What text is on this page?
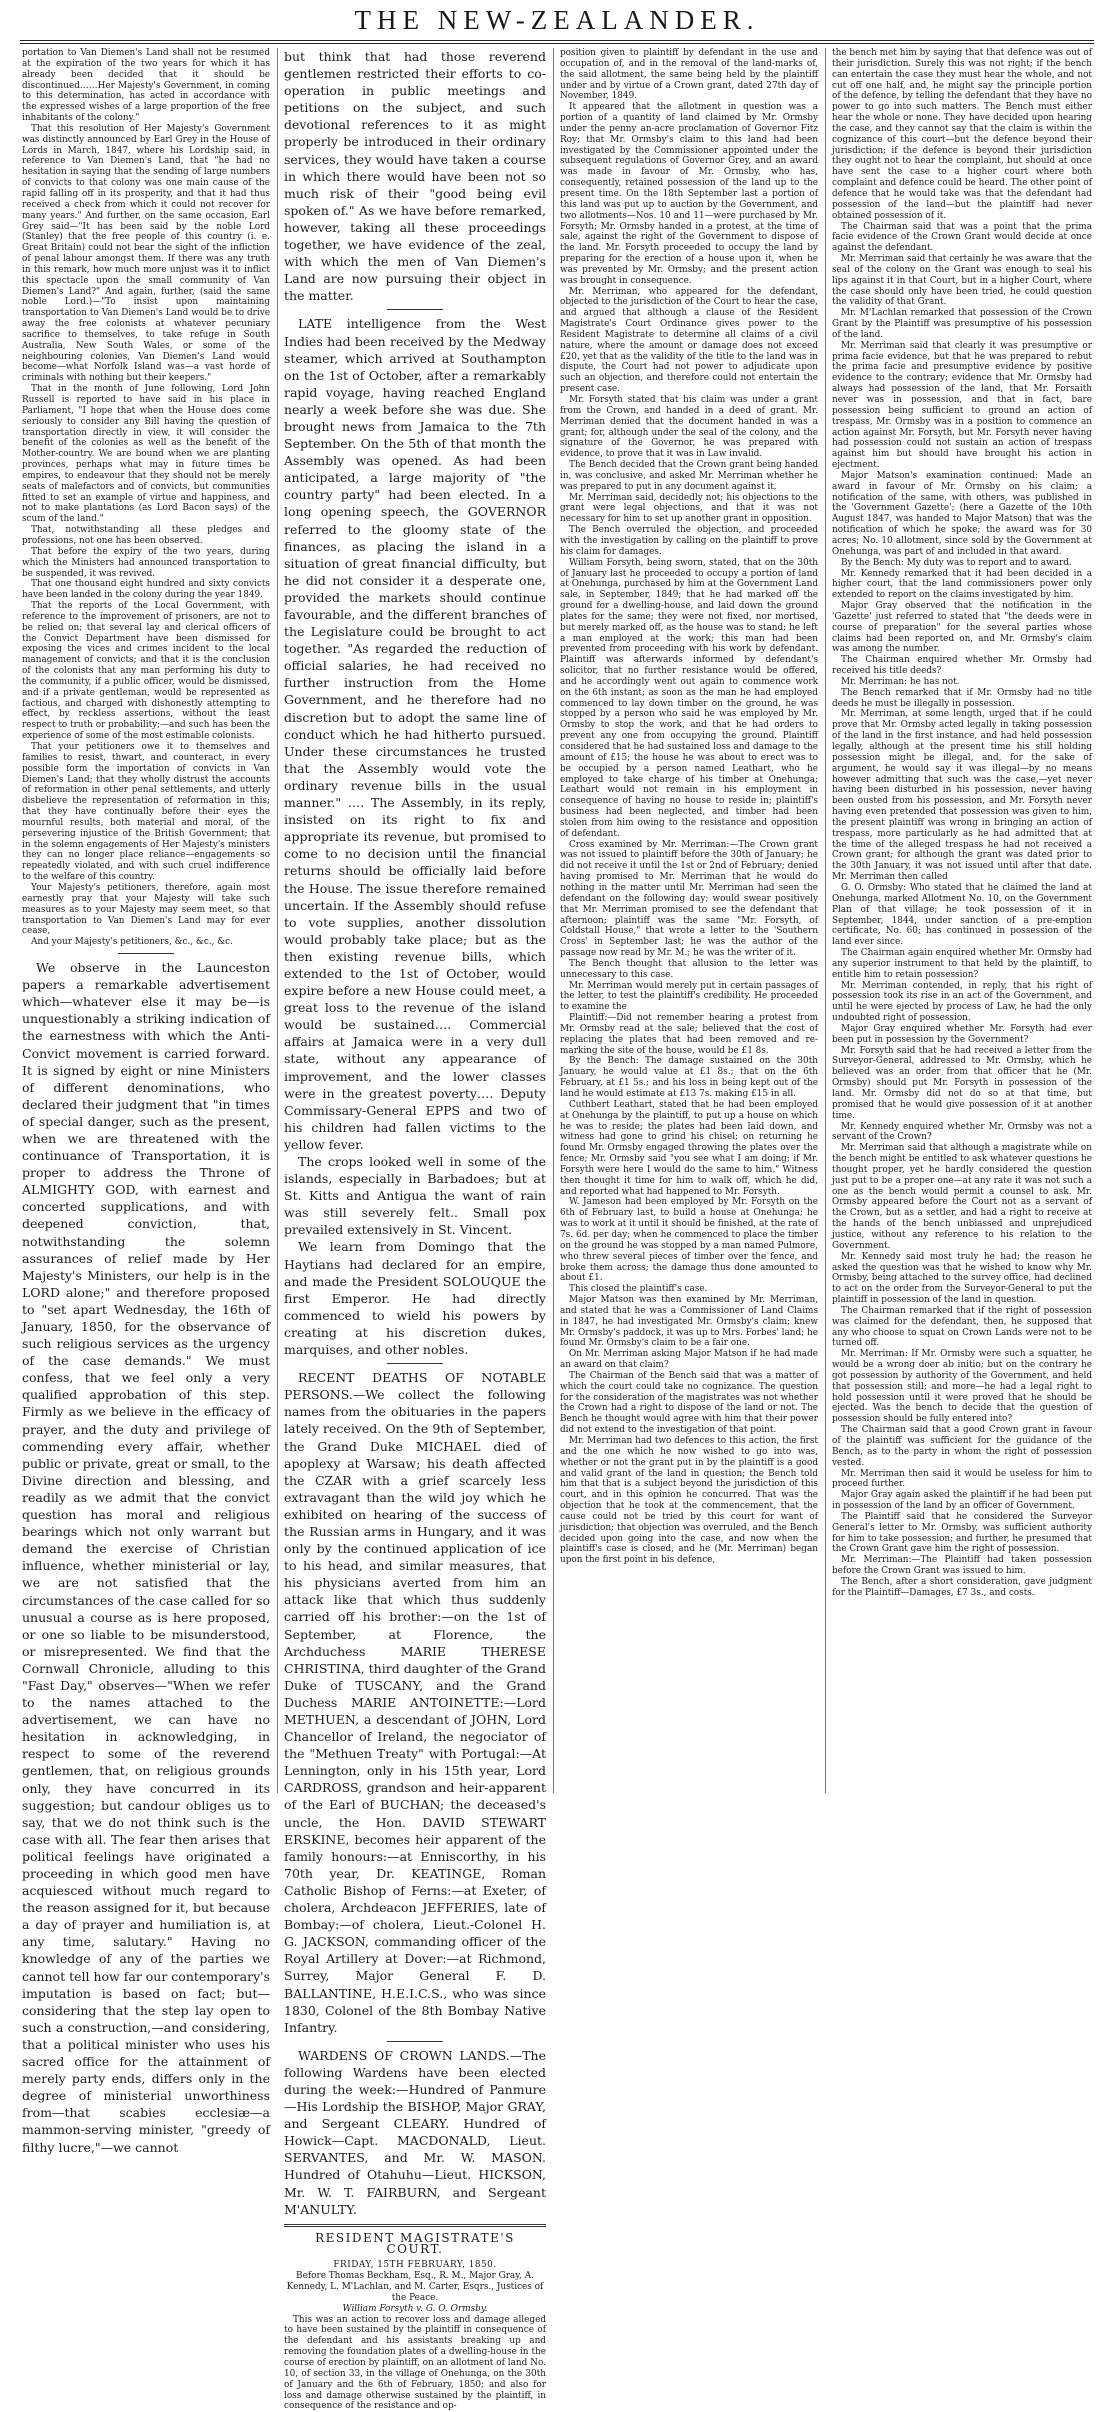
THE NEW-ZEALANDER.

portation to Van Diemen's Land shall not be resumed at the expiration of the two years for which it has already been decided that it should be discontinued……Her Majesty's Government, in coming to this determination, has acted in accordance with the expressed wishes of a large proportion of the free inhabitants of the colony."

That this resolution of Her Majesty's Government was distinctly announced by Earl Grey in the House of Lords in March, 1847, where his Lordship said, in reference to Van Diemen's Land, that "he had no hesitation in saying that the sending of large numbers of convicts to that colony was one main cause of the rapid falling off in its prosperity, and that it had thus received a check from which it could not recover for many years." And further, on the same occasion, Earl Grey said—"It has been said by the noble Lord (Stanley) that the free people of this country (i. e. Great Britain) could not bear the sight of the infliction of penal labour amongst them. If there was any truth in this remark, how much more unjust was it to inflict this spectacle upon the small community of Van Diemen's Land?" And again, further, (said the same noble Lord.)—"To insist upon maintaining transportation to Van Diemen's Land would be to drive away the free colonists at whatever pecuniary sacrifice to themselves, to take refuge in South Australia, New South Wales, or some of the neighbouring colonies, Van Diemen's Land would become—what Norfolk Island was—a vast horde of criminals with nothing but their keepers."

That in the month of June following, Lord John Russell is reported to have said in his place in Parliament, "I hope that when the House does come seriously to consider any Bill having the question of transportation directly in view, it will consider the benefit of the colonies as well as the benefit of the Mother-country. We are bound when we are planting provinces, perhaps what may in future times be empires, to endeavour that they should not be merely seats of malefactors and of convicts, but communities fitted to set an example of virtue and happiness, and not to make plantations (as Lord Bacon says) of the scum of the land."

That, notwithstanding all these pledges and professions, not one has been observed.

That before the expiry of the two years, during which the Ministers had announced transportation to be suspended, it was revived.

That one thousand eight hundred and sixty convicts have been landed in the colony during the year 1849.

That the reports of the Local Government, with reference to the improvement of prisoners, are not to be relied on; that several lay and clerical officers of the Convict Department have been dismissed for exposing the vices and crimes incident to the local management of convicts; and that it is the conclusion of the colonists that any man performing his duty to the community, if a public officer, would be dismissed, and if a private gentleman, would be represented as factious, and charged with dishonestly attempting to effect, by reckless assertions, without the least respect to truth or probability;—and such has been the experience of some of the most estimable colonists.

That your petitioners owe it to themselves and families to resist, thwart, and counteract, in every possible form the importation of convicts in Van Diemen's Land; that they wholly distrust the accounts of reformation in other penal settlements, and utterly disbelieve the representation of reformation in this; that they have continually before their eyes the mournful results, both material and moral, of the persevering injustice of the British Government; that in the solemn engagements of Her Majesty's ministers they can no longer place reliance—engagements so repeatedly violated, and with such cruel indifference to the welfare of this country.

Your Majesty's petitioners, therefore, again most earnestly pray that your Majesty will take such measures as to your Majesty may seem meet, so that transportation to Van Diemen's Land may for ever cease,

And your Majesty's petitioners, &c., &c., &c.

We observe in the Launceston papers a remarkable advertisement which—whatever else it may be—is unquestionably a striking indication of the earnestness with which the Anti-Convict movement is carried forward. It is signed by eight or nine Ministers of different denominations, who declared their judgment that "in times of special danger, such as the present, when we are threatened with the continuance of Transportation, it is proper to address the Throne of ALMIGHTY GOD, with earnest and concerted supplications, and with deepened conviction, that, notwithstanding the solemn assurances of relief made by Her Majesty's Ministers, our help is in the LORD alone;" and therefore proposed to "set apart Wednesday, the 16th of January, 1850, for the observance of such religious services as the urgency of the case demands." We must confess, that we feel only a very qualified approbation of this step. Firmly as we believe in the efficacy of prayer, and the duty and privilege of commending every affair, whether public or private, great or small, to the Divine direction and blessing, and readily as we admit that the convict question has moral and religious bearings which not only warrant but demand the exercise of Christian influence, whether ministerial or lay, we are not satisfied that the circumstances of the case called for so unusual a course as is here proposed, or one so liable to be misunderstood, or misrepresented. We find that the Cornwall Chronicle, alluding to this "Fast Day," observes—"When we refer to the names attached to the advertisement, we can have no hesitation in acknowledging, in respect to some of the reverend gentlemen, that, on religious grounds only, they have concurred in its suggestion; but candour obliges us to say, that we do not think such is the case with all. The fear then arises that political feelings have originated a proceeding in which good men have acquiesced without much regard to the reason assigned for it, but because a day of prayer and humiliation is, at any time, salutary." Having no knowledge of any of the parties we cannot tell how far our contemporary's imputation is based on fact; but—considering that the step lay open to such a construction,—and considering, that a political minister who uses his sacred office for the attainment of merely party ends, differs only in the degree of ministerial unworthiness from—that scabies ecclesiæ—a mammon-serving minister, "greedy of filthy lucre,"—we cannot

but think that had those reverend gentlemen restricted their efforts to co-operation in public meetings and petitions on the subject, and such devotional references to it as might properly be introduced in their ordinary services, they would have taken a course in which there would have been not so much risk of their "good being evil spoken of." As we have before remarked, however, taking all these proceedings together, we have evidence of the zeal, with which the men of Van Diemen's Land are now pursuing their object in the matter.

LATE intelligence from the West Indies had been received by the Medway steamer, which arrived at Southampton on the 1st of October, after a remarkably rapid voyage, having reached England nearly a week before she was due. She brought news from Jamaica to the 7th September. On the 5th of that month the Assembly was opened. As had been anticipated, a large majority of "the country party" had been elected. In a long opening speech, the GOVERNOR referred to the gloomy state of the finances, as placing the island in a situation of great financial difficulty, but he did not consider it a desperate one, provided the markets should continue favourable, and the different branches of the Legislature could be brought to act together. "As regarded the reduction of official salaries, he had received no further instruction from the Home Government, and he therefore had no discretion but to adopt the same line of conduct which he had hitherto pursued. Under these circumstances he trusted that the Assembly would vote the ordinary revenue bills in the usual manner." …. The Assembly, in its reply, insisted on its right to fix and appropriate its revenue, but promised to come to no decision until the financial returns should be officially laid before the House. The issue therefore remained uncertain. If the Assembly should refuse to vote supplies, another dissolution would probably take place; but as the then existing revenue bills, which extended to the 1st of October, would expire before a new House could meet, a great loss to the revenue of the island would be sustained…. Commercial affairs at Jamaica were in a very dull state, without any appearance of improvement, and the lower classes were in the greatest poverty…. Deputy Commissary-General EPPS and two of his children had fallen victims to the yellow fever.

The crops looked well in some of the islands, especially in Barbadoes; but at St. Kitts and Antigua the want of rain was still severely felt.. Small pox prevailed extensively in St. Vincent.

We learn from Domingo that the Haytians had declared for an empire, and made the President SOLOUQUE the first Emperor. He had directly commenced to wield his powers by creating at his discretion dukes, marquises, and other nobles.

RECENT DEATHS OF NOTABLE PERSONS.—We collect the following names from the obituaries in the papers lately received. On the 9th of September, the Grand Duke MICHAEL died of apoplexy at Warsaw; his death affected the CZAR with a grief scarcely less extravagant than the wild joy which he exhibited on hearing of the success of the Russian arms in Hungary, and it was only by the continued application of ice to his head, and similar measures, that his physicians averted from him an attack like that which thus suddenly carried off his brother:—on the 1st of September, at Florence, the Archduchess MARIE THERESE CHRISTINA, third daughter of the Grand Duke of TUSCANY, and the Grand Duchess MARIE ANTOINETTE:—Lord METHUEN, a descendant of JOHN, Lord Chancellor of Ireland, the negociator of the "Methuen Treaty" with Portugal:—At Lennington, only in his 15th year, Lord CARDROSS, grandson and heir-apparent of the Earl of BUCHAN; the deceased's uncle, the Hon. DAVID STEWART ERSKINE, becomes heir apparent of the family honours:—at Enniscorthy, in his 70th year, Dr. KEATINGE, Roman Catholic Bishop of Ferns:—at Exeter, of cholera, Archdeacon JEFFERIES, late of Bombay:—of cholera, Lieut.-Colonel H. G. JACKSON, commanding officer of the Royal Artillery at Dover:—at Richmond, Surrey, Major General F. D. BALLANTINE, H.E.I.C.S., who was since 1830, Colonel of the 8th Bombay Native Infantry.

WARDENS OF CROWN LANDS.—The following Wardens have been elected during the week:—Hundred of Panmure—His Lordship the BISHOP, Major GRAY, and Sergeant CLEARY. Hundred of Howick—Capt. MACDONALD, Lieut. SERVANTES, and Mr. W. MASON. Hundred of Otahuhu—Lieut. HICKSON, Mr. W. T. FAIRBURN, and Sergeant M'ANULTY.

RESIDENT MAGISTRATE'S COURT.

FRIDAY, 15TH FEBRUARY, 1850.

Before Thomas Beckham, Esq., R. M., Major Gray, A. Kennedy, L. M'Lachlan, and M. Carter, Esqrs., Justices of the Peace.

William Forsyth v. G. O. Ormsby.

This was an action to recover loss and damage alleged to have been sustained by the plaintiff in consequence of the defendant and his assistants breaking up and removing the foundation plates of a dwelling-house in the course of erection by plaintiff, on an allotment of land No. 10, of section 33, in the village of Onehunga, on the 30th of January and the 6th of February, 1850; and also for loss and damage otherwise sustained by the plaintiff, in consequence of the resistance and op-

position given to plaintiff by defendant in the use and occupation of, and in the removal of the land-marks of, the said allotment, the same being held by the plaintiff under and by virtue of a Crown grant, dated 27th day of November, 1849.

It appeared that the allotment in question was a portion of a quantity of land claimed by Mr. Ormsby under the penny an-acre proclamation of Governor Fitz Roy; that Mr. Ormsby's claim to this land had been investigated by the Commissioner appointed under the subsequent regulations of Governor Grey, and an award was made in favour of Mr. Ormsby, who has, consequently, retained possession of the land up to the present time. On the 18th September last a portion of this land was put up to auction by the Government, and two allotments—Nos. 10 and 11—were purchased by Mr. Forsyth; Mr. Ormsby handed in a protest, at the time of sale, against the right of the Government to dispose of the land. Mr. Forsyth proceeded to occupy the land by preparing for the erection of a house upon it, when he was prevented by Mr. Ormsby; and the present action was brought in consequence.

Mr. Merriman, who appeared for the defendant, objected to the jurisdiction of the Court to hear the case, and argued that although a clause of the Resident Magistrate's Court Ordinance gives power to the Resident Magistrate to determine all claims of a civil nature, where the amount or damage does not exceed £20, yet that as the validity of the title to the land was in dispute, the Court had not power to adjudicate upon such an objection, and therefore could not entertain the present case.

Mr. Forsyth stated that his claim was under a grant from the Crown, and handed in a deed of grant. Mr. Merriman denied that the document handed in was a grant; for, although under the seal of the colony, and the signature of the Governor, he was prepared with evidence, to prove that it was in Law invalid.

The Bench decided that the Crown grant being handed in, was conclusive, and asked Mr. Merriman whether he was prepared to put in any document against it.

Mr. Merriman said, decidedly not; his objections to the grant were legal objections, and that it was not necessary for him to set up another grant in opposition.

The Bench overruled the objection, and proceeded with the investigation by calling on the plaintiff to prove his claim for damages.

William Forsyth, being sworn, stated, that on the 30th of January last he proceeded to occupy a portion of land at Onehunga, purchased by him at the Government Land sale, in September, 1849; that he had marked off the ground for a dwelling-house, and laid down the ground plates for the same; they were not fixed, nor mortised, but merely marked off, as the house was to stand; he left a man employed at the work; this man had been prevented from proceeding with his work by defendant. Plaintiff was afterwards informed by defendant's solicitor, that no further resistance would be offered, and he accordingly went out again to commence work on the 6th instant; as soon as the man he had employed commenced to lay down timber on the ground, he was stopped by a person who said he was employed by Mr. Ormsby to stop the work, and that he had orders to prevent any one from occupying the ground. Plaintiff considered that he had sustained loss and damage to the amount of £15; the house he was about to erect was to be occupied by a person named Leathart, who he employed to take charge of his timber at Onehunga; Leathart would not remain in his employment in consequence of having no house to reside in; plaintiff's business had been neglected, and timber had been stolen from him owing to the resistance and opposition of defendant.

Cross examined by Mr. Merriman:—The Crown grant was not issued to plaintiff before the 30th of January; he did not receive it until the 1st or 2nd of February; denied having promised to Mr. Merriman that he would do nothing in the matter until Mr. Merriman had seen the defendant on the following day; would swear positively that Mr. Merriman promised to see the defendant that afternoon; plaintiff was the same "Mr. Forsyth, of Coldstall House," that wrote a letter to the 'Southern Cross' in September last; he was the author of the passage now read by Mr. M.; he was the writer of it.

The Bench thought that allusion to the letter was unnecessary to this case.

Mr. Merriman would merely put in certain passages of the letter, to test the plaintiff's credibility. He proceeded to examine the

Plaintiff:—Did not remember hearing a protest from Mr. Ormsby read at the sale; believed that the cost of replacing the plates that had been removed and re-marking the site of the house, would be £1 8s.

By the Bench: The damage sustained on the 30th January, he would value at £1 8s.; that on the 6th February, at £1 5s.; and his loss in being kept out of the land he would estimate at £13 7s. making £15 in all.

Cuthbert Leathart, stated that he had been employed at Onehunga by the plaintiff, to put up a house on which he was to reside; the plates had been laid down, and witness had gone to grind his chisel; on returning he found Mr. Ormsby engaged throwing the plates over the fence; Mr. Ormsby said "you see what I am doing; if Mr. Forsyth were here I would do the same to him." Witness then thought it time for him to walk off, which he did, and reported what had happened to Mr. Forsyth.

W. Jameson had been employed by Mr. Forsyth on the 6th of February last, to build a house at Onehunga; he was to work at it until it should be finished, at the rate of 7s. 6d. per day; when he commenced to place the timber on the ground he was stopped by a man named Pulmore, who threw several pieces of timber over the fence, and broke them across; the damage thus done amounted to about £1.

This closed the plaintiff's case.

Major Matson was then examined by Mr. Merriman, and stated that he was a Commissioner of Land Claims in 1847, he had investigated Mr. Ormsby's claim; knew Mr. Ormsby's paddock, it was up to Mrs. Forbes' land; he found Mr. Ormsby's claim to be a fair one.

On Mr. Merriman asking Major Matson if he had made an award on that claim?

The Chairman of the Bench said that was a matter of which the court could take no cognizance. The question for the consideration of the magistrates was not whether the Crown had a right to dispose of the land or not. The Bench he thought would agree with him that their power did not extend to the investigation of that point.

Mr. Merriman had two defences to this action, the first and the one which he now wished to go into was, whether or not the grant put in by the plaintiff is a good and valid grant of the land in question; the Bench told him that that is a subject beyond the jurisdiction of this court, and in this opinion he concurred. That was the objection that he took at the commencement, that the cause could not be tried by this court for want of jurisdiction; that objection was overruled, and the Bench decided upon going into the case, and now when the plaintiff's case is closed, and he (Mr. Merriman) began upon the first point in his defence,

the bench met him by saying that that defence was out of their jurisdiction. Surely this was not right; if the bench can entertain the case they must hear the whole, and not cut off one half, and, he might say the principle portion of the defence, by telling the defendant that they have no power to go into such matters. The Bench must either hear the whole or none. They have decided upon hearing the case, and they cannot say that the claim is within the cognizance of this court—but the defence beyond their jurisdiction; if the defence is beyond their jurisdiction they ought not to hear the complaint, but should at once have sent the case to a higher court where both complaint and defence could be heard. The other point of defence that he would take was that the defendant had possession of the land—but the plaintiff had never obtained possession of it.

The Chairman said that was a point that the prima facie evidence of the Crown Grant would decide at once against the defendant.

Mr. Merriman said that certainly he was aware that the seal of the colony on the Grant was enough to seal his lips against it in that Court, but in a higher Court, where the case should only have been tried, he could question the validity of that Grant.

Mr. M'Lachlan remarked that possession of the Crown Grant by the Plaintiff was presumptive of his possession of the land.

Mr. Merriman said that clearly it was presumptive or prima facie evidence, but that he was prepared to rebut the prima facie and presumptive evidence by positive evidence to the contrary; evidence that Mr. Ormsby had always had possession of the land, that Mr. Forsaith never was in possession, and that in fact, bare possession being sufficient to ground an action of trespass, Mr. Ormsby was in a position to commence an action against Mr. Forsyth, but Mr. Forsyth never having had possession could not sustain an action of trespass against him but should have brought his action in ejectment.

Major Matson's examination continued: Made an award in favour of Mr. Ormsby on his claim; a notification of the same, with others, was published in the 'Government Gazette'; (here a Gazette of the 10th August 1847, was handed to Major Matson) that was the notification of which he spoke; the award was for 30 acres; No. 10 allotment, since sold by the Government at Onehunga, was part of and included in that award.

By the Bench: My duty was to report and to award.

Mr. Kennedy remarked that it had been decided in a higher court, that the land commissioners power only extended to report on the claims investigated by him.

Major Gray observed that the notification in the 'Gazette' just referred to stated that "the deeds were in course of preparation" for the several parties whose claims had been reported on, and Mr. Ormsby's claim was among the number.

The Chairman enquired whether Mr. Ormsby had received his title deeds?

Mr. Merriman: he has not.

The Bench remarked that if Mr. Ormsby had no title deeds he must be illegally in possession.

Mr. Merriman, at some length, urged that if he could prove that Mr. Ormsby acted legally in taking possession of the land in the first instance, and had held possession legally, although at the present time his still holding possession might be illegal, and, for the sake of argument, he would say it was illegal—by no means however admitting that such was the case,—yet never having been disturbed in his possession, never having been ousted from his possession, and Mr. Forsyth never having even pretended that possession was given to him, the present plaintiff was wrong in bringing an action of trespass, more particularly as he had admitted that at the time of the alleged trespass he had not received a Crown grant; for although the grant was dated prior to the 30th January, it was not issued until after that date. Mr. Merriman then called

G. O. Ormsby: Who stated that he claimed the land at Onehunga, marked Allotment No. 10, on the Government Plan of that village; he took possession of it in September, 1844, under sanction of a pre-emption certificate, No. 60; has continued in possession of the land ever since.

The Chairman again enquired whether Mr. Ormsby had any superior instrument to that held by the plaintiff, to entitle him to retain possession?

Mr. Merriman contended, in reply, that his right of possession took its rise in an act of the Government, and until he were ejected by process of Law, he had the only undoubted right of possession.

Major Gray enquired whether Mr. Forsyth had ever been put in possession by the Government?

Mr. Forsyth said that he had received a letter from the Surveyor-General, addressed to Mr. Ormsby, which he believed was an order from that officer that he (Mr. Ormsby) should put Mr. Forsyth in possession of the land. Mr. Ormsby did not do so at that time, but promised that he would give possession of it at another time.

Mr. Kennedy enquired whether Mr. Ormsby was not a servant of the Crown?

Mr. Merriman said that although a magistrate while on the bench might be entitled to ask whatever questions he thought proper, yet he hardly considered the question just put to be a proper one—at any rate it was not such a one as the bench would permit a counsel to ask. Mr. Ormsby appeared before the Court not as a servant of the Crown, but as a settler, and had a right to receive at the hands of the bench unbiassed and unprejudiced justice, without any reference to his relation to the Government.

Mr. Kennedy said most truly he had; the reason he asked the question was that he wished to know why Mr. Ormsby, being attached to the survey office, had declined to act on the order from the Surveyor-General to put the plaintiff in possession of the land in question.

The Chairman remarked that if the right of possession was claimed for the defendant, then, he supposed that any who choose to squat on Crown Lands were not to be turned off.

Mr. Merriman: If Mr. Ormsby were such a squatter, he would be a wrong doer ab initio; but on the contrary he got possession by authority of the Government, and held that possession still; and more—he had a legal right to hold possession until it were proved that he should be ejected. Was the bench to decide that the question of possession should be fully entered into?

The Chairman said that a good Crown grant in favour of the plaintiff was sufficient for the guidance of the Bench, as to the party in whom the right of possession vested.

Mr. Merriman then said it would be useless for him to proceed further.

Major Gray again asked the plaintiff if he had been put in possession of the land by an officer of Government.

The Plaintiff said that he considered the Surveyor General's letter to Mr. Ormsby, was sufficient authority for him to take possession; and further, he presumed that the Crown Grant gave him the right of possession.

Mr. Merriman:—The Plaintiff had taken possession before the Crown Grant was issued to him.

The Bench, after a short consideration, gave judgment for the Plaintiff—Damages, £7 3s., and costs.
